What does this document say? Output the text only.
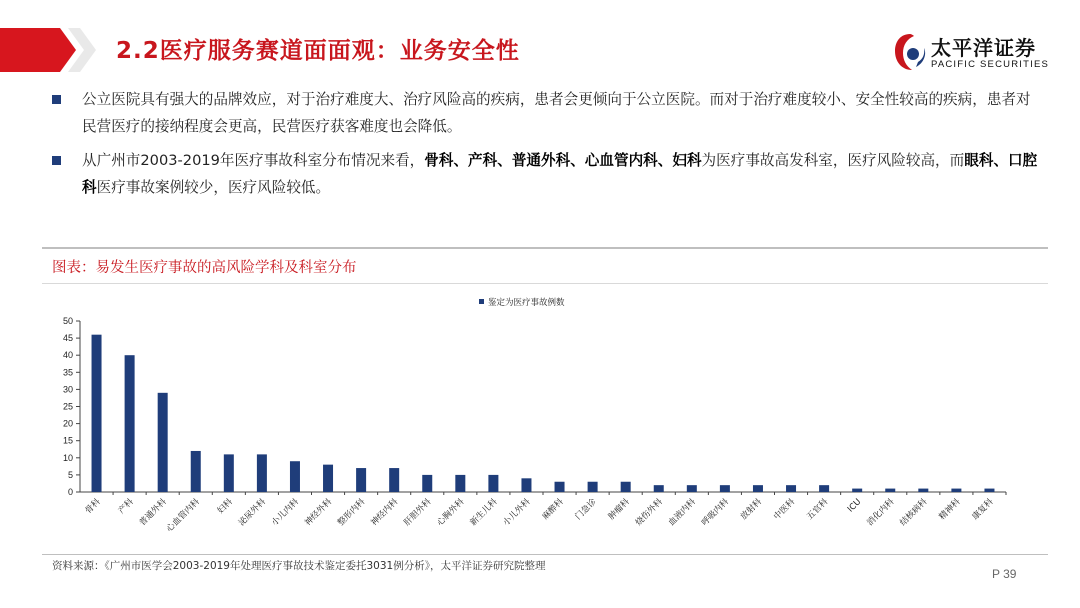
2.2医疗服务赛道面面观：业务安全性	太平洋证券
PACIFIC SECURITIES
公立医院具有强大的品牌效应，对于治疗难度大、治疗风险高的疾病，患者会更倾向于公立医院。而对于治疗难度较小、安全性较高的疾病，患者对民营医疗的接纳程度会更高，民营医疗获客难度也会降低。
从广州市2003-2019年医疗事故科室分布情况来看，骨科、产科、普通外科、心血管内科、妇科为医疗事故高发科室，医疗风险较高，而眼科、口腔科医疗事故案例较少，医疗风险较低。
图表：易发生医疗事故的高风险学科及科室分布
0
5
10
15
20
25
30
35
40
45
50
鉴定为医疗事故例数
骨科 产科 普通外科
心血管内科 妇科 泌尿外科 小儿内科 神经外科 整形内科 神经内科 肝胆外科 心胸外科 新生儿科 小儿外科 麻醉科 门急诊 肿瘤科 烧伤外科 血液内科 呼吸内科 放射科 中医科 五官科 ICU 消化内科 结核病科 精神科 康复科
资料来源：《广州市医学会2003-2019年处理医疗事故技术鉴定委托3031例分析》，太平洋证券研究院整理
P 39
